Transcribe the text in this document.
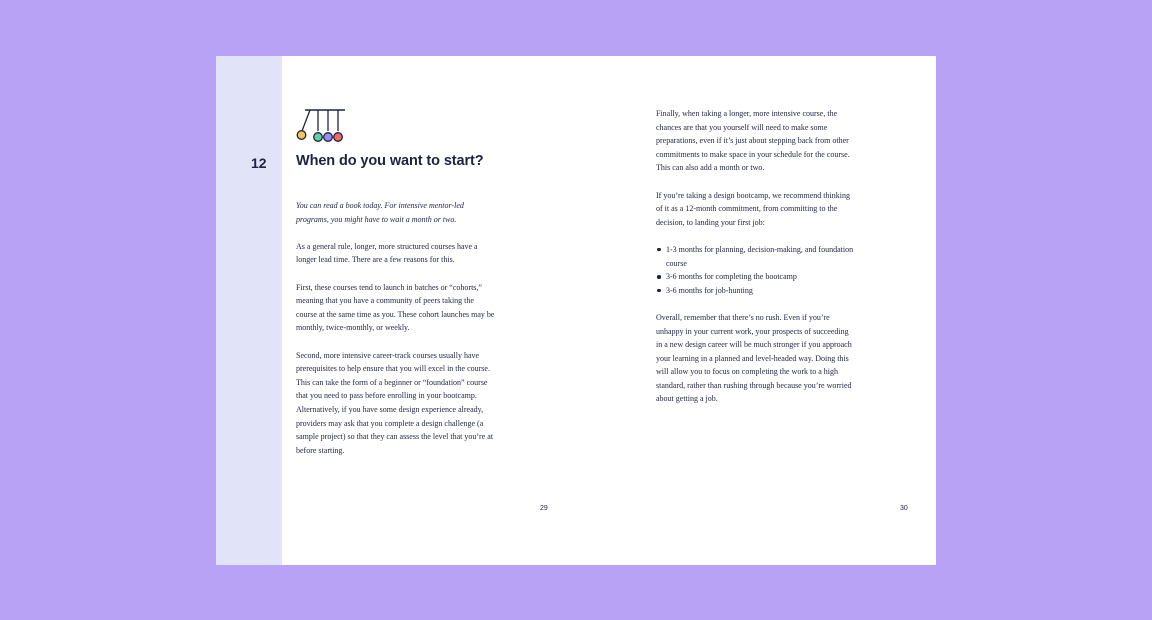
12 When do you want to start?

You can read a book today. For intensive mentor-led programs, you might have to wait a month or two.

As a general rule, longer, more structured courses have a longer lead time. There are a few reasons for this.

First, these courses tend to launch in batches or “cohorts,” meaning that you have a community of peers taking the course at the same time as you. These cohort launches may be monthly, twice-monthly, or weekly.

Second, more intensive career-track courses usually have prerequisites to help ensure that you will excel in the course. This can take the form of a beginner or “foundation” course that you need to pass before enrolling in your bootcamp. Alternatively, if you have some design experience already, providers may ask that you complete a design challenge (a sample project) so that they can assess the level that you’re at before starting.

29

Finally, when taking a longer, more intensive course, the chances are that you yourself will need to make some preparations, even if it’s just about stepping back from other commitments to make space in your schedule for the course. This can also add a month or two.

If you’re taking a design bootcamp, we recommend thinking of it as a 12-month commitment, from committing to the decision, to landing your first job:

1-3 months for planning, decision-making, and foundation course
3-6 months for completing the bootcamp
3-6 months for job-hunting

Overall, remember that there’s no rush. Even if you’re unhappy in your current work, your prospects of succeeding in a new design career will be much stronger if you approach your learning in a planned and level-headed way. Doing this will allow you to focus on completing the work to a high standard, rather than rushing through because you’re worried about getting a job.

30
